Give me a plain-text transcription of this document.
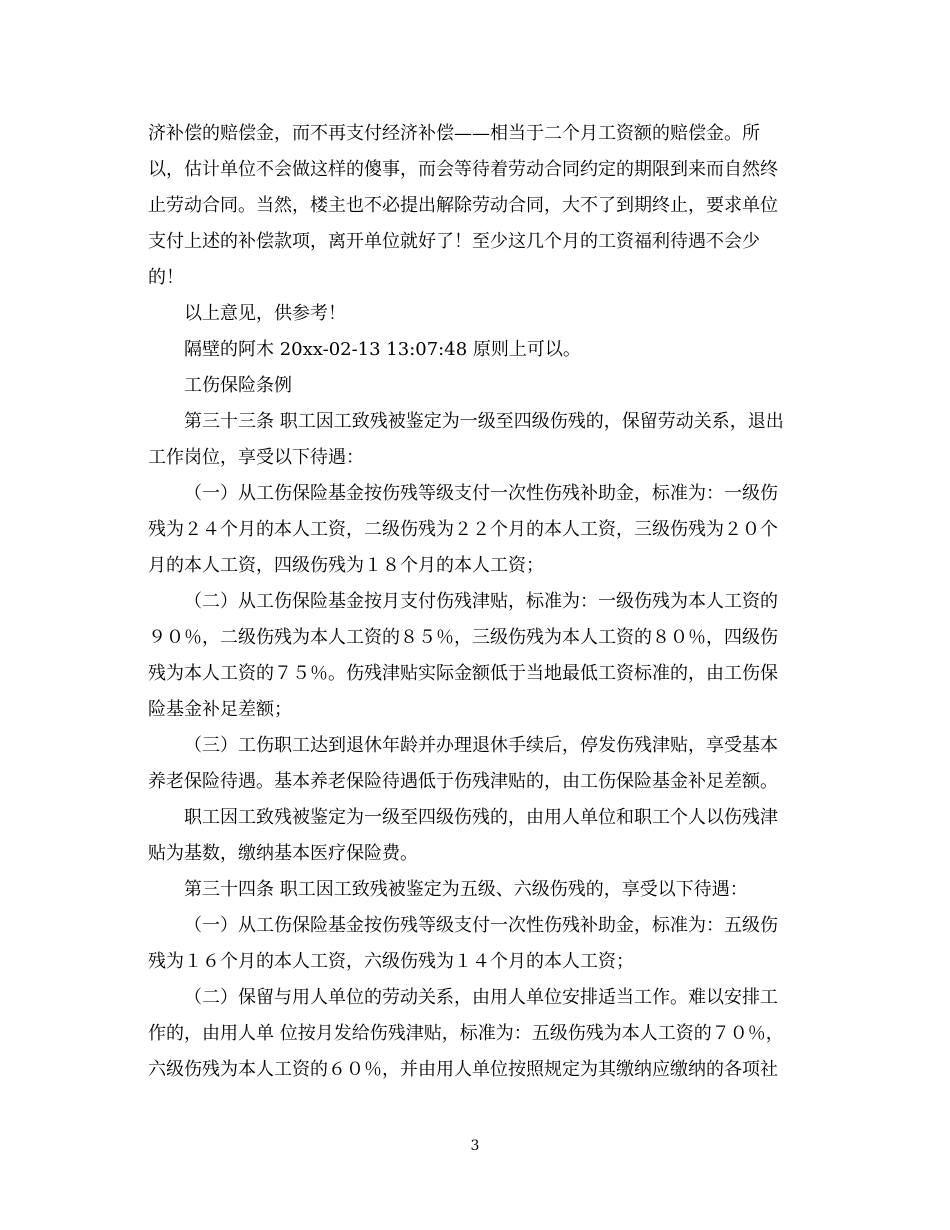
济补偿的赔偿金，而不再支付经济补偿——相当于二个月工资额的赔偿金。所
以，估计单位不会做这样的傻事，而会等待着劳动合同约定的期限到来而自然终
止劳动合同。当然，楼主也不必提出解除劳动合同，大不了到期终止，要求单位
支付上述的补偿款项，离开单位就好了！至少这几个月的工资福利待遇不会少
的！
以上意见，供参考！
隔壁的阿木 20xx-02-13 13:07:48 原则上可以。
工伤保险条例
第三十三条 职工因工致残被鉴定为一级至四级伤残的，保留劳动关系，退出
工作岗位，享受以下待遇：
（一）从工伤保险基金按伤残等级支付一次性伤残补助金，标准为：一级伤
残为２４个月的本人工资，二级伤残为２２个月的本人工资，三级伤残为２０个
月的本人工资，四级伤残为１８个月的本人工资；
（二）从工伤保险基金按月支付伤残津贴，标准为：一级伤残为本人工资的
９０％，二级伤残为本人工资的８５％，三级伤残为本人工资的８０％，四级伤
残为本人工资的７５％。伤残津贴实际金额低于当地最低工资标准的，由工伤保
险基金补足差额；
（三）工伤职工达到退休年龄并办理退休手续后，停发伤残津贴，享受基本
养老保险待遇。基本养老保险待遇低于伤残津贴的，由工伤保险基金补足差额。
职工因工致残被鉴定为一级至四级伤残的，由用人单位和职工个人以伤残津
贴为基数，缴纳基本医疗保险费。
第三十四条 职工因工致残被鉴定为五级、六级伤残的，享受以下待遇：
（一）从工伤保险基金按伤残等级支付一次性伤残补助金，标准为：五级伤
残为１６个月的本人工资，六级伤残为１４个月的本人工资；
（二）保留与用人单位的劳动关系，由用人单位安排适当工作。难以安排工
作的，由用人单 位按月发给伤残津贴，标准为：五级伤残为本人工资的７０％，
六级伤残为本人工资的６０％，并由用人单位按照规定为其缴纳应缴纳的各项社
3
